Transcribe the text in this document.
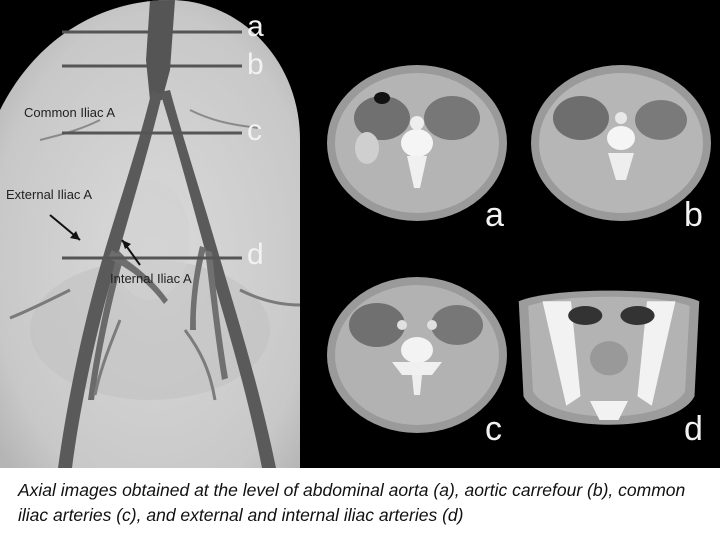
a
b
c
d
Common Iliac A
External Iliac A
Internal Iliac A
a	b
c	d
Axial images obtained at the level of abdominal aorta (a), aortic carrefour (b), common iliac arteries (c), and external and internal iliac arteries (d)
